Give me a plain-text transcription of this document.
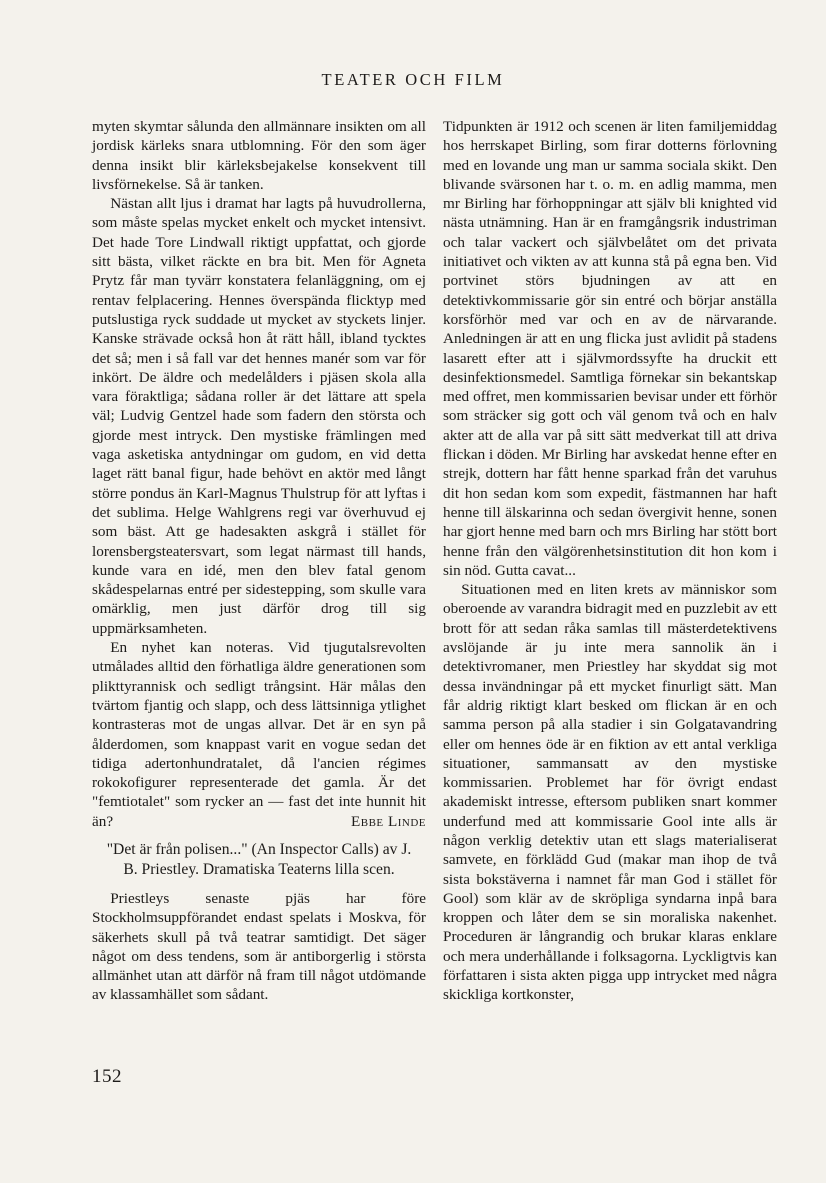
TEATER OCH FILM

myten skymtar sålunda den allmännare insikten om all jordisk kärleks snara utblomning. För den som äger denna insikt blir kärleksbejakelse konsekvent till livsförnekelse. Så är tanken.

Nästan allt ljus i dramat har lagts på huvudrollerna, som måste spelas mycket enkelt och mycket intensivt. Det hade Tore Lindwall riktigt uppfattat, och gjorde sitt bästa, vilket räckte en bra bit. Men för Agneta Prytz får man tyvärr konstatera felanläggning, om ej rentav felplacering. Hennes överspända flicktyp med putslustiga ryck suddade ut mycket av styckets linjer. Kanske strävade också hon åt rätt håll, ibland tycktes det så; men i så fall var det hennes manér som var för inkört. De äldre och medelålders i pjäsen skola alla vara föraktliga; sådana roller är det lättare att spela väl; Ludvig Gentzel hade som fadern den största och gjorde mest intryck. Den mystiske främlingen med vaga asketiska antydningar om gudom, en vid detta laget rätt banal figur, hade behövt en aktör med långt större pondus än Karl-Magnus Thulstrup för att lyftas i det sublima. Helge Wahlgrens regi var överhuvud ej som bäst. Att ge hadesakten askgrå i stället för lorensbergsteatersvart, som legat närmast till hands, kunde vara en idé, men den blev fatal genom skådespelarnas entré per sidestepping, som skulle vara omärklig, men just därför drog till sig uppmärksamheten.

En nyhet kan noteras. Vid tjugutalsrevolten utmålades alltid den förhatliga äldre generationen som plikttyrannisk och sedligt trångsint. Här målas den tvärtom fjantig och slapp, och dess lättsinniga ytlighet kontrasteras mot de ungas allvar. Det är en syn på ålderdomen, som knappast varit en vogue sedan det tidiga adertonhundratalet, då l'ancien régimes rokokofigurer representerade det gamla. Är det "femtiotalet" som rycker an — fast det inte hunnit hit än?	Ebbe Linde

"Det är från polisen..." (An Inspector Calls) av J. B. Priestley. Dramatiska Teaterns lilla scen.

Priestleys senaste pjäs har före Stockholmsuppförandet endast spelats i Moskva, för säkerhets skull på två teatrar samtidigt. Det säger något om dess tendens, som är antiborgerlig i största allmänhet utan att därför nå fram till något utdömande av klassamhället som sådant.

Tidpunkten är 1912 och scenen är liten familjemiddag hos herrskapet Birling, som firar dotterns förlovning med en lovande ung man ur samma sociala skikt. Den blivande svärsonen har t. o. m. en adlig mamma, men mr Birling har förhoppningar att själv bli knighted vid nästa utnämning. Han är en framgångsrik industriman och talar vackert och självbelåtet om det privata initiativet och vikten av att kunna stå på egna ben. Vid portvinet störs bjudningen av att en detektivkommissarie gör sin entré och börjar anställa korsförhör med var och en av de närvarande. Anledningen är att en ung flicka just avlidit på stadens lasarett efter att i självmordssyfte ha druckit ett desinfektionsmedel. Samtliga förnekar sin bekantskap med offret, men kommissarien bevisar under ett förhör som sträcker sig gott och väl genom två och en halv akter att de alla var på sitt sätt medverkat till att driva flickan i döden. Mr Birling har avskedat henne efter en strejk, dottern har fått henne sparkad från det varuhus dit hon sedan kom som expedit, fästmannen har haft henne till älskarinna och sedan övergivit henne, sonen har gjort henne med barn och mrs Birling har stött bort henne från den välgörenhetsinstitution dit hon kom i sin nöd. Gutta cavat...

Situationen med en liten krets av människor som oberoende av varandra bidragit med en puzzlebit av ett brott för att sedan råka samlas till mästerdetektivens avslöjande är ju inte mera sannolik än i detektivromaner, men Priestley har skyddat sig mot dessa invändningar på ett mycket finurligt sätt. Man får aldrig riktigt klart besked om flickan är en och samma person på alla stadier i sin Golgatavandring eller om hennes öde är en fiktion av ett antal verkliga situationer, sammansatt av den mystiske kommissarien. Problemet har för övrigt endast akademiskt intresse, eftersom publiken snart kommer underfund med att kommissarie Gool inte alls är någon verklig detektiv utan ett slags materialiserat samvete, en förklädd Gud (makar man ihop de två sista bokstäverna i namnet får man God i stället för Gool) som klär av de skröpliga syndarna inpå bara kroppen och låter dem se sin moraliska nakenhet. Proceduren är långrandig och brukar klaras enklare och mera underhållande i folksagorna. Lyckligtvis kan författaren i sista akten pigga upp intrycket med några skickliga kortkonster,

152
